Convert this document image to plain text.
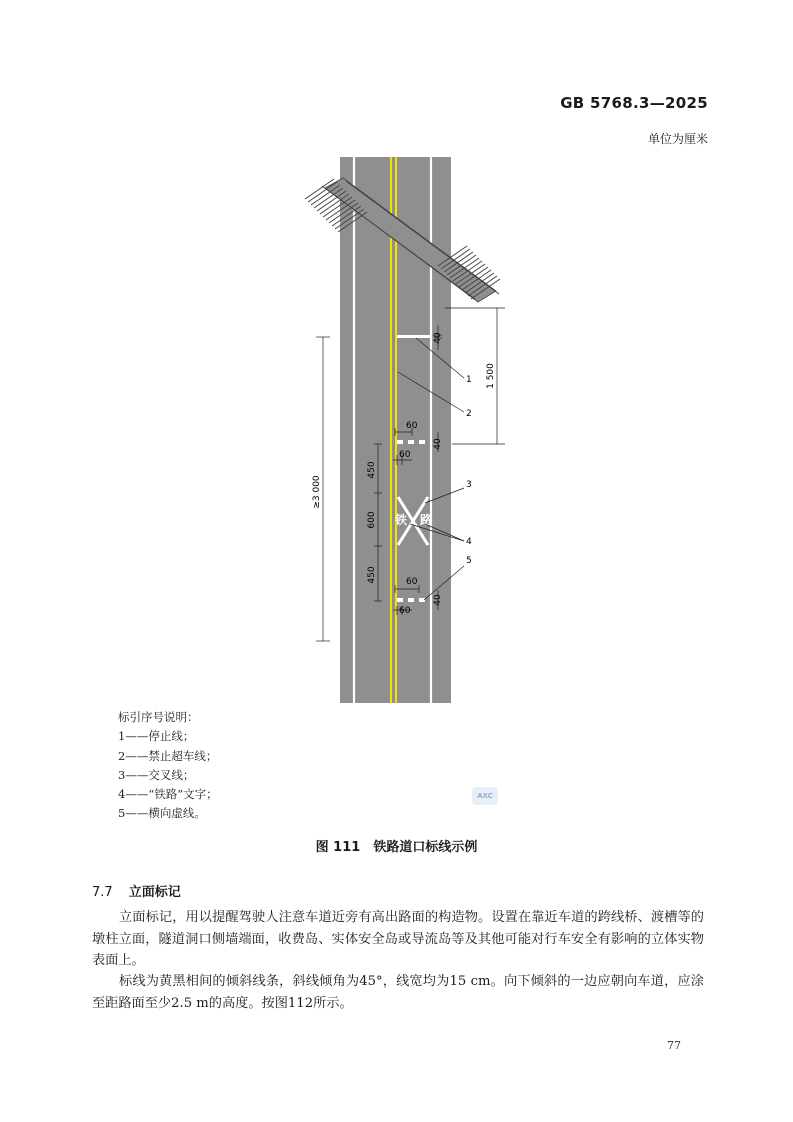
GB 5768.3—2025
单位为厘米
40
1 500
≥3 000
60
60
40
450
600
450
铁 路
60
60
40
1
2
3
4
5
标引序号说明：
1——停止线；
2——禁止超车线；
3——交叉线；
4——“铁路”文字；
5——横向虚线。
AXC
图 111　铁路道口标线示例
7.7 立面标记
立面标记，用以提醒驾驶人注意车道近旁有高出路面的构造物。设置在靠近车道的跨线桥、渡槽等的墩柱立面，隧道洞口侧墙端面，收费岛、实体安全岛或导流岛等及其他可能对行车安全有影响的立体实物表面上。
标线为黄黑相间的倾斜线条，斜线倾角为45°，线宽均为15 cm。向下倾斜的一边应朝向车道，应涂至距路面至少2.5 m的高度。按图112所示。
77
